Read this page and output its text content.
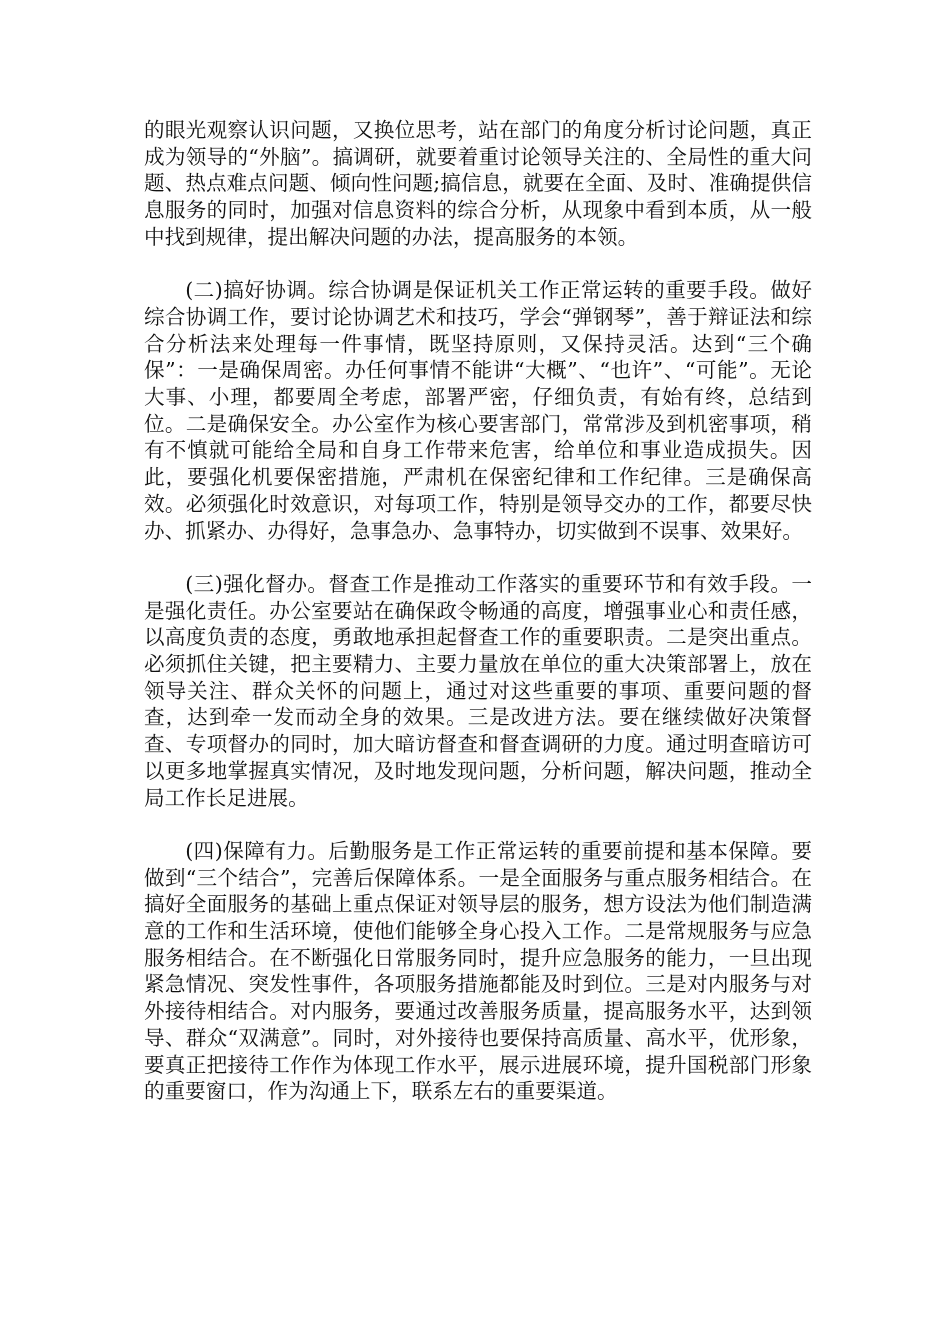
的眼光观察认识问题，又换位思考，站在部门的角度分析讨论问题，真正成为领导的“外脑”。搞调研，就要着重讨论领导关注的、全局性的重大问题、热点难点问题、倾向性问题;搞信息，就要在全面、及时、准确提供信息服务的同时，加强对信息资料的综合分析，从现象中看到本质，从一般中找到规律，提出解决问题的办法，提高服务的本领。

(二)搞好协调。综合协调是保证机关工作正常运转的重要手段。做好综合协调工作，要讨论协调艺术和技巧，学会“弹钢琴”，善于辩证法和综合分析法来处理每一件事情，既坚持原则，又保持灵活。达到“三个确保”：一是确保周密。办任何事情不能讲“大概”、“也许”、“可能”。无论大事、小理，都要周全考虑，部署严密，仔细负责，有始有终，总结到位。二是确保安全。办公室作为核心要害部门，常常涉及到机密事项，稍有不慎就可能给全局和自身工作带来危害，给单位和事业造成损失。因此，要强化机要保密措施，严肃机在保密纪律和工作纪律。三是确保高效。必须强化时效意识，对每项工作，特别是领导交办的工作，都要尽快办、抓紧办、办得好，急事急办、急事特办，切实做到不误事、效果好。

(三)强化督办。督查工作是推动工作落实的重要环节和有效手段。一是强化责任。办公室要站在确保政令畅通的高度，增强事业心和责任感，以高度负责的态度，勇敢地承担起督查工作的重要职责。二是突出重点。必须抓住关键，把主要精力、主要力量放在单位的重大决策部署上，放在领导关注、群众关怀的问题上，通过对这些重要的事项、重要问题的督查，达到牵一发而动全身的效果。三是改进方法。要在继续做好决策督查、专项督办的同时，加大暗访督查和督查调研的力度。通过明查暗访可以更多地掌握真实情况，及时地发现问题，分析问题，解决问题，推动全局工作长足进展。

(四)保障有力。后勤服务是工作正常运转的重要前提和基本保障。要做到“三个结合”，完善后保障体系。一是全面服务与重点服务相结合。在搞好全面服务的基础上重点保证对领导层的服务，想方设法为他们制造满意的工作和生活环境，使他们能够全身心投入工作。二是常规服务与应急服务相结合。在不断强化日常服务同时，提升应急服务的能力，一旦出现紧急情况、突发性事件，各项服务措施都能及时到位。三是对内服务与对外接待相结合。对内服务，要通过改善服务质量，提高服务水平，达到领导、群众“双满意”。同时，对外接待也要保持高质量、高水平，优形象，要真正把接待工作作为体现工作水平，展示进展环境，提升国税部门形象的重要窗口，作为沟通上下，联系左右的重要渠道。
